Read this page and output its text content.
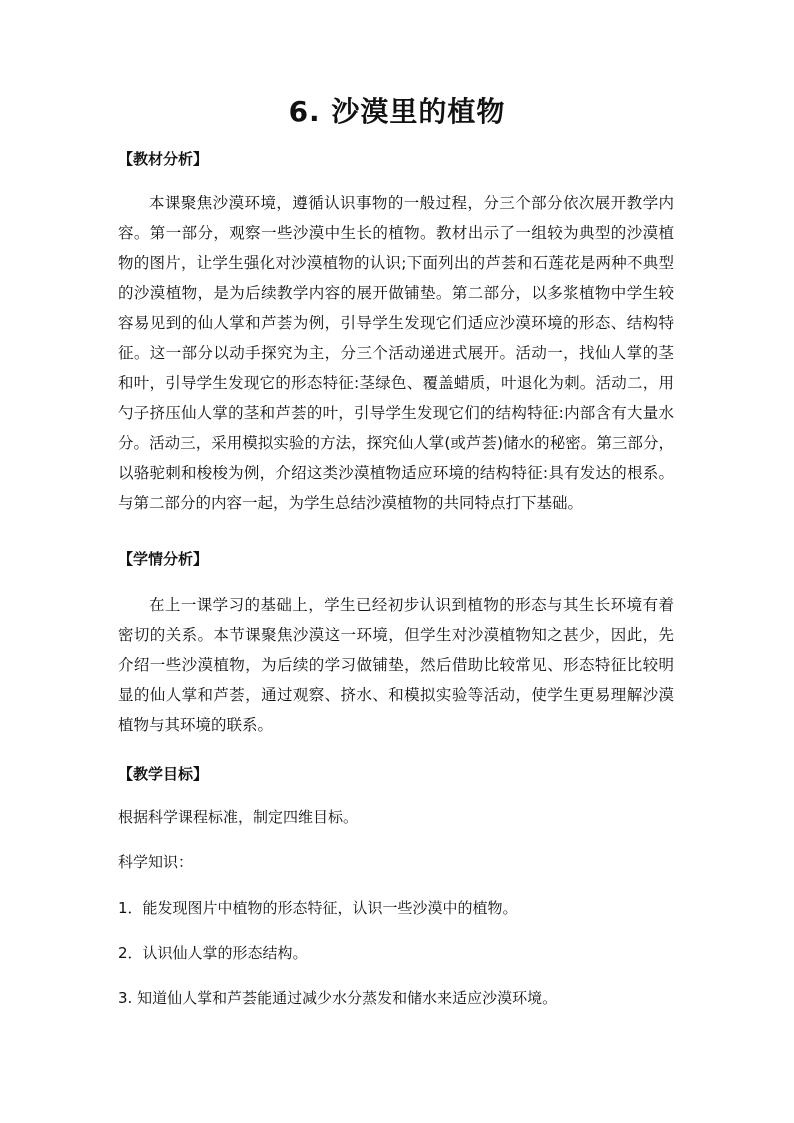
6. 沙漠里的植物
【教材分析】

本课聚焦沙漠环境，遵循认识事物的一般过程，分三个部分依次展开教学内容。第一部分，观察一些沙漠中生长的植物。教材出示了一组较为典型的沙漠植物的图片，让学生强化对沙漠植物的认识;下面列出的芦荟和石莲花是两种不典型的沙漠植物，是为后续教学内容的展开做铺垫。第二部分，以多浆植物中学生较容易见到的仙人掌和芦荟为例，引导学生发现它们适应沙漠环境的形态、结构特征。这一部分以动手探究为主，分三个活动递进式展开。活动一，找仙人掌的茎和叶，引导学生发现它的形态特征:茎绿色、覆盖蜡质，叶退化为刺。活动二，用勺子挤压仙人掌的茎和芦荟的叶，引导学生发现它们的结构特征:内部含有大量水分。活动三，采用模拟实验的方法，探究仙人掌(或芦荟)储水的秘密。第三部分，以骆驼刺和梭梭为例，介绍这类沙漠植物适应环境的结构特征:具有发达的根系。与第二部分的内容一起，为学生总结沙漠植物的共同特点打下基础。

【学情分析】

在上一课学习的基础上，学生已经初步认识到植物的形态与其生长环境有着密切的关系。本节课聚焦沙漠这一环境，但学生对沙漠植物知之甚少，因此，先介绍一些沙漠植物，为后续的学习做铺垫，然后借助比较常见、形态特征比较明显的仙人掌和芦荟，通过观察、挤水、和模拟实验等活动，使学生更易理解沙漠植物与其环境的联系。

【教学目标】
根据科学课程标准，制定四维目标。
科学知识：
1．能发现图片中植物的形态特征，认识一些沙漠中的植物。
2．认识仙人掌的形态结构。
3. 知道仙人掌和芦荟能通过减少水分蒸发和储水来适应沙漠环境。
